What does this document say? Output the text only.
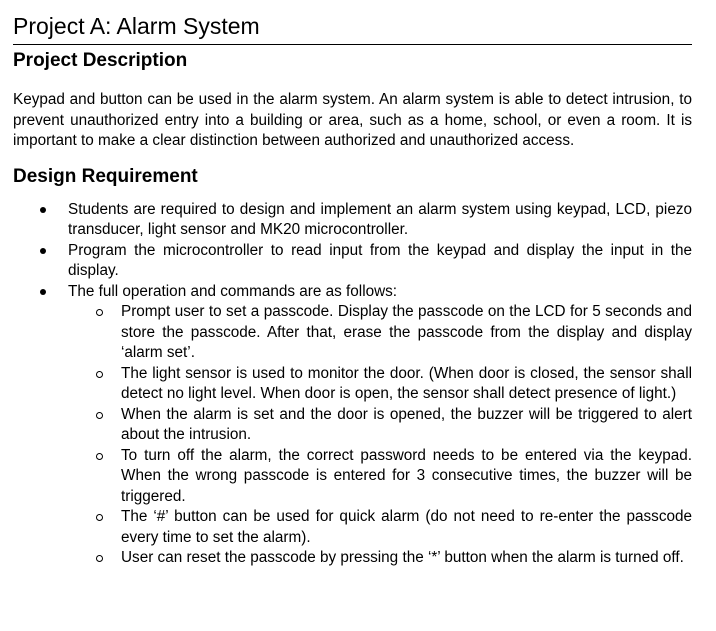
Project A: Alarm System
Project Description

Keypad and button can be used in the alarm system. An alarm system is able to detect intrusion, to prevent unauthorized entry into a building or area, such as a home, school, or even a room. It is important to make a clear distinction between authorized and unauthorized access.

Design Requirement
Students are required to design and implement an alarm system using keypad, LCD, piezo transducer, light sensor and MK20 microcontroller.
Program the microcontroller to read input from the keypad and display the input in the display.
The full operation and commands are as follows:
Prompt user to set a passcode. Display the passcode on the LCD for 5 seconds and store the passcode. After that, erase the passcode from the display and display ‘alarm set’.
The light sensor is used to monitor the door. (When door is closed, the sensor shall detect no light level. When door is open, the sensor shall detect presence of light.)
When the alarm is set and the door is opened, the buzzer will be triggered to alert about the intrusion.
To turn off the alarm, the correct password needs to be entered via the keypad. When the wrong passcode is entered for 3 consecutive times, the buzzer will be triggered.
The ‘#’ button can be used for quick alarm (do not need to re-enter the passcode every time to set the alarm).
User can reset the passcode by pressing the ‘*’ button when the alarm is turned off.
